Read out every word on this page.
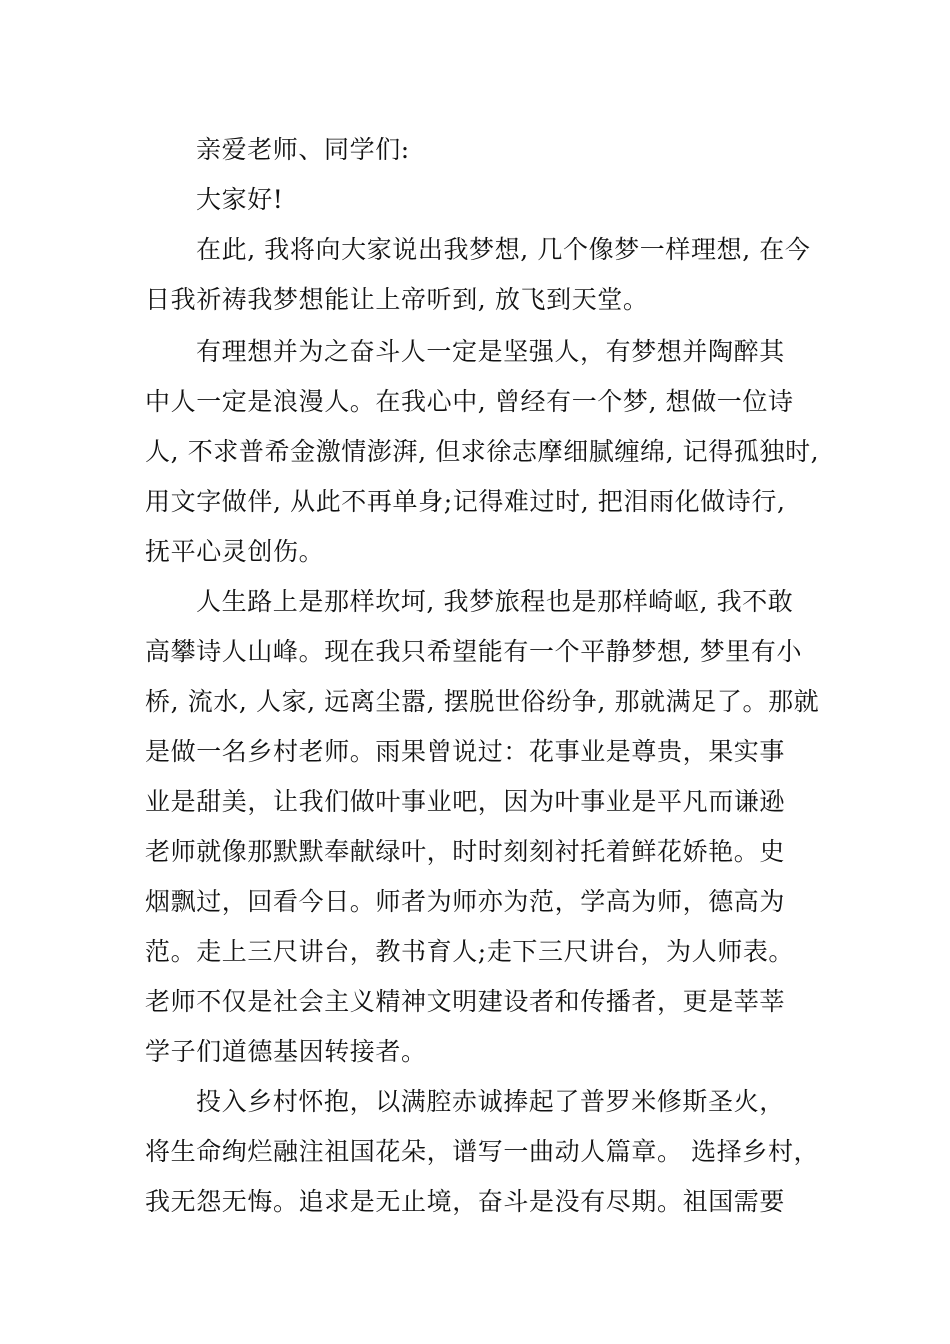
亲爱老师、同学们:
大家好!
在此, 我将向大家说出我梦想, 几个像梦一样理想, 在今
日我祈祷我梦想能让上帝听到, 放飞到天堂。
有理想并为之奋斗人一定是坚强人，有梦想并陶醉其
中人一定是浪漫人。在我心中, 曾经有一个梦, 想做一位诗
人, 不求普希金激情澎湃, 但求徐志摩细腻缠绵, 记得孤独时,
用文字做伴, 从此不再单身;记得难过时, 把泪雨化做诗行,
抚平心灵创伤。
人生路上是那样坎坷, 我梦旅程也是那样崎岖, 我不敢
高攀诗人山峰。现在我只希望能有一个平静梦想, 梦里有小
桥, 流水, 人家, 远离尘嚣, 摆脱世俗纷争, 那就满足了。那就
是做一名乡村老师。雨果曾说过：花事业是尊贵，果实事
业是甜美，让我们做叶事业吧，因为叶事业是平凡而谦逊
老师就像那默默奉献绿叶，时时刻刻衬托着鲜花娇艳。史
烟飘过，回看今日。师者为师亦为范，学高为师，德高为
范。走上三尺讲台，教书育人;走下三尺讲台，为人师表。
老师不仅是社会主义精神文明建设者和传播者，更是莘莘
学子们道德基因转接者。
投入乡村怀抱，以满腔赤诚捧起了普罗米修斯圣火，
将生命绚烂融注祖国花朵，谱写一曲动人篇章。 选择乡村，
我无怨无悔。追求是无止境，奋斗是没有尽期。祖国需要
